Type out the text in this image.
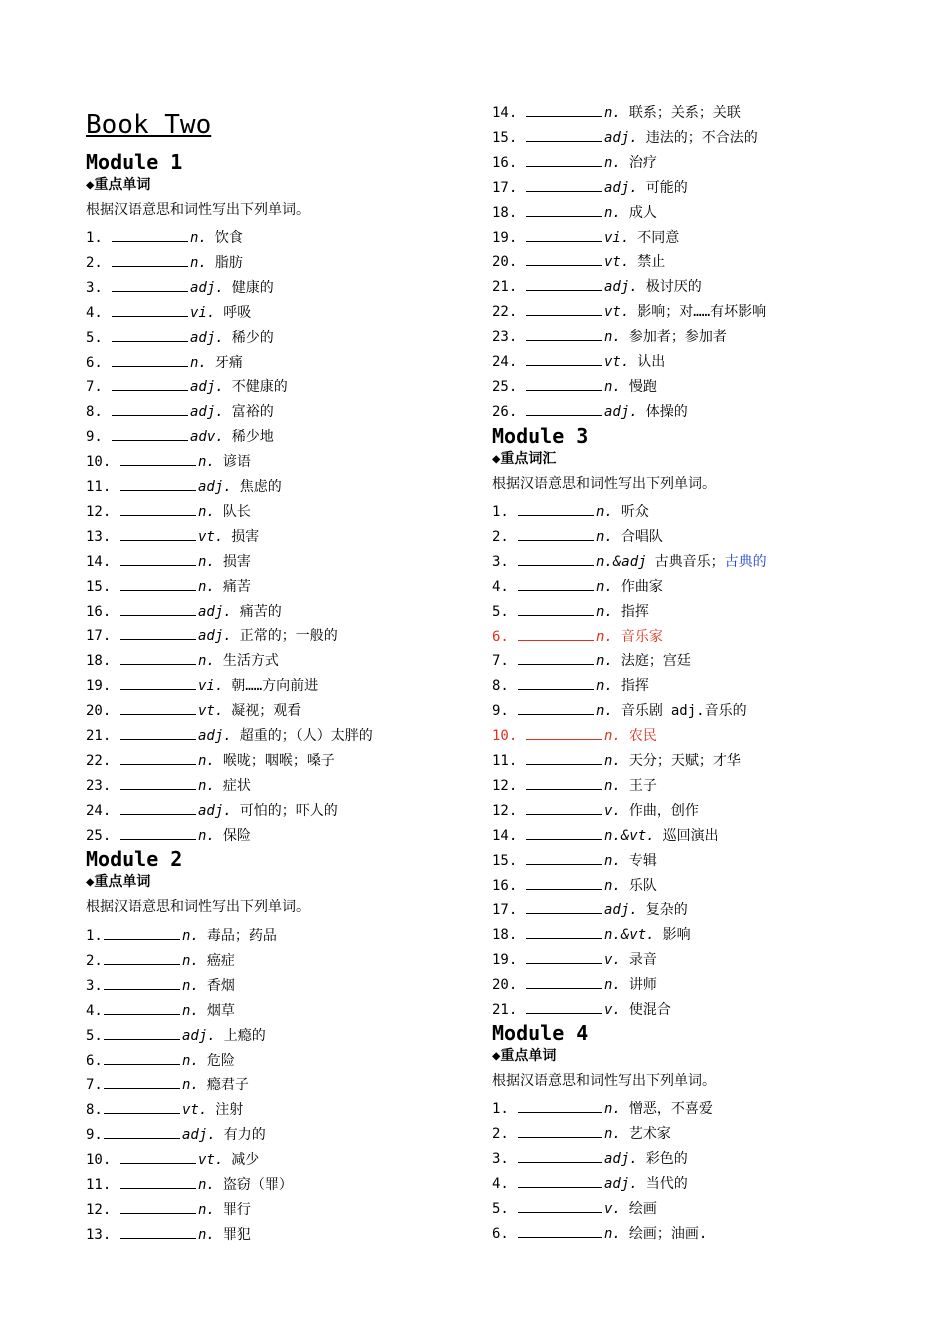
Book Two
Module 1
◆重点单词
根据汉语意思和词性写出下列单词。
1.	n. 饮食
2.	n. 脂肪
3.	adj. 健康的
4.	vi. 呼吸
5.	adj. 稀少的
6.	n. 牙痛
7.	adj. 不健康的
8.	adj. 富裕的
9.	adv. 稀少地
10.	n. 谚语
11.	adj. 焦虑的
12.	n. 队长
13.	vt. 损害
14.	n. 损害
15.	n. 痛苦
16.	adj. 痛苦的
17.	adj. 正常的；一般的
18.	n. 生活方式
19.	vi. 朝……方向前进
20.	vt. 凝视；观看
21.	adj. 超重的；（人）太胖的
22.	n. 喉咙；咽喉；嗓子
23.	n. 症状
24.	adj. 可怕的；吓人的
25.	n. 保险
Module 2
◆重点单词
根据汉语意思和词性写出下列单词。
1.	n. 毒品；药品
2.	n. 癌症
3.	n. 香烟
4.	n. 烟草
5.	adj. 上瘾的
6.	n. 危险
7.	n. 瘾君子
8.	vt. 注射
9.	adj. 有力的
10.	vt. 减少
11.	n. 盗窃（罪）
12.	n. 罪行
13.	n. 罪犯
14.	n. 联系；关系；关联
15.	adj. 违法的；不合法的
16.	n. 治疗
17.	adj. 可能的
18.	n. 成人
19.	vi. 不同意
20.	vt. 禁止
21.	adj. 极讨厌的
22.	vt. 影响；对……有坏影响
23.	n. 参加者；参加者
24.	vt. 认出
25.	n. 慢跑
26.	adj. 体操的
Module 3
◆重点词汇
根据汉语意思和词性写出下列单词。
1.	n. 听众
2.	n. 合唱队
3.	n.&adj 古典音乐； 古典的
4.	n. 作曲家
5.	n. 指挥
6.	n. 音乐家
7.	n. 法庭；宫廷
8.	n. 指挥
9.	n. 音乐剧 adj.音乐的
10.	n. 农民
11.	n. 天分；天赋；才华
12.	n. 王子
12.	v. 作曲，创作
14.	n.&vt. 巡回演出
15.	n. 专辑
16.	n. 乐队
17.	adj. 复杂的
18.	n.&vt. 影响
19.	v. 录音
20.	n. 讲师
21.	v. 使混合
Module 4
◆重点单词
根据汉语意思和词性写出下列单词。
1.	n. 憎恶，不喜爱
2.	n. 艺术家
3.	adj. 彩色的
4.	adj. 当代的
5.	v. 绘画
6.	n. 绘画；油画.
